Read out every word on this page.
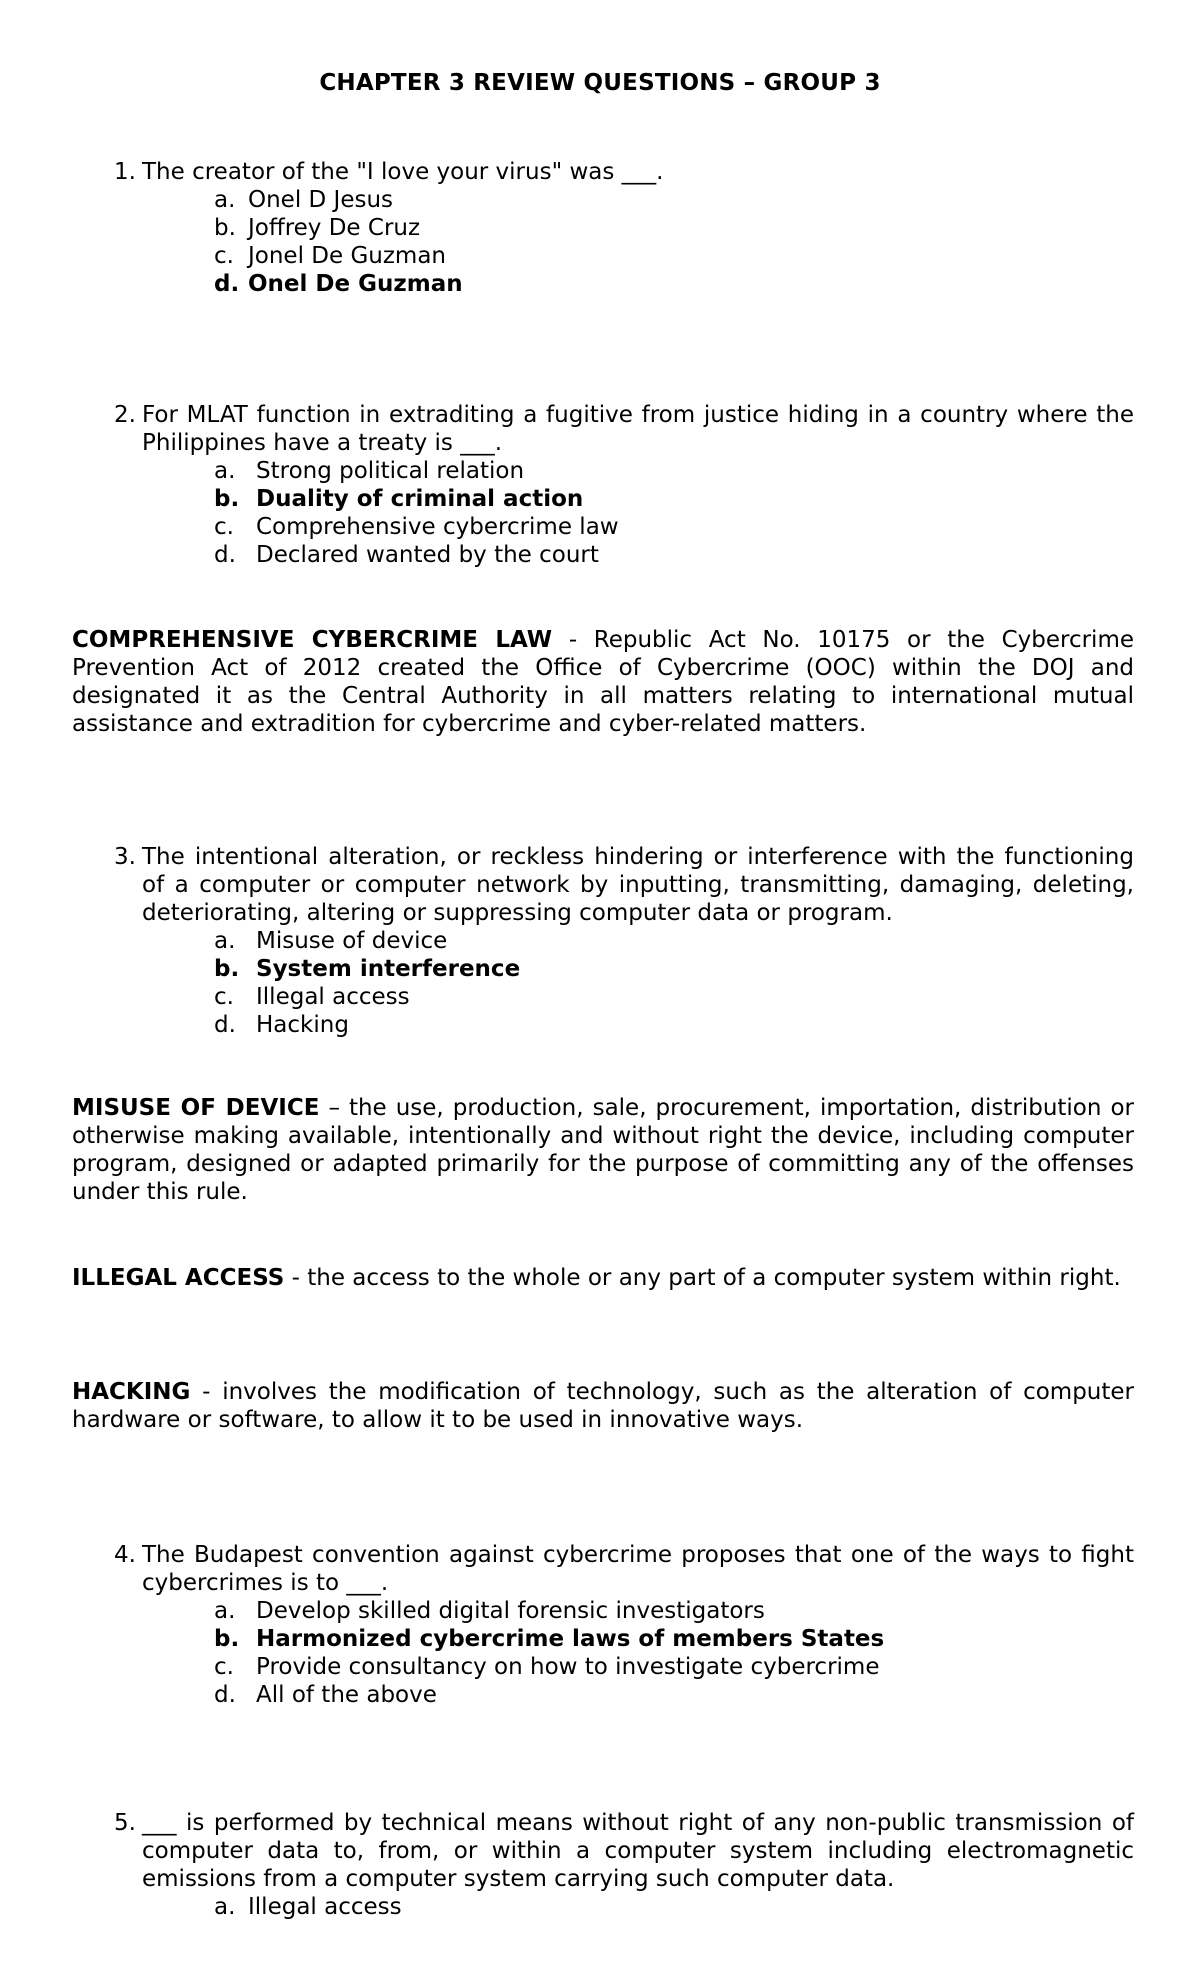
CHAPTER 3 REVIEW QUESTIONS – GROUP 3
1. The creator of the "I love your virus" was ___.
a. Onel D Jesus
b. Joffrey De Cruz
c. Jonel De Guzman
d. Onel De Guzman
2. For MLAT function in extraditing a fugitive from justice hiding in a country where the Philippines have a treaty is ___.
a. Strong political relation
b. Duality of criminal action
c. Comprehensive cybercrime law
d. Declared wanted by the court
COMPREHENSIVE CYBERCRIME LAW - Republic Act No. 10175 or the Cybercrime Prevention Act of 2012 created the Office of Cybercrime (OOC) within the DOJ and designated it as the Central Authority in all matters relating to international mutual assistance and extradition for cybercrime and cyber-related matters.
3. The intentional alteration, or reckless hindering or interference with the functioning of a computer or computer network by inputting, transmitting, damaging, deleting, deteriorating, altering or suppressing computer data or program.
a. Misuse of device
b. System interference
c. Illegal access
d. Hacking
MISUSE OF DEVICE – the use, production, sale, procurement, importation, distribution or otherwise making available, intentionally and without right the device, including computer program, designed or adapted primarily for the purpose of committing any of the offenses under this rule.
ILLEGAL ACCESS - the access to the whole or any part of a computer system within right.
HACKING - involves the modification of technology, such as the alteration of computer hardware or software, to allow it to be used in innovative ways.
4. The Budapest convention against cybercrime proposes that one of the ways to fight cybercrimes is to ___.
a. Develop skilled digital forensic investigators
b. Harmonized cybercrime laws of members States
c. Provide consultancy on how to investigate cybercrime
d. All of the above
5. ___ is performed by technical means without right of any non-public transmission of computer data to, from, or within a computer system including electromagnetic emissions from a computer system carrying such computer data.
a. Illegal access
